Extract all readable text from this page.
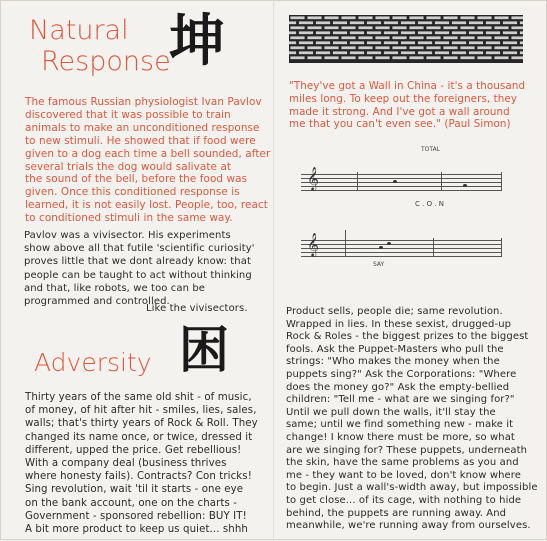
Natural
Response
坤
The famous Russian physiologist Ivan Pavlov
discovered that it was possible to train
animals to make an unconditioned response
to new stimuli. He showed that if food were
given to a dog each time a bell sounded, after
several trials the dog would salivate at
the sound of the bell, before the food was
given. Once this conditioned response is
learned, it is not easily lost. People, too, react
to conditioned stimuli in the same way.
Pavlov was a vivisector. His experiments
show above all that futile 'scientific curiosity'
proves little that we dont already know: that
people can be taught to act without thinking
and that, like robots, we too can be
programmed and controlled.
Like the vivisectors.
Adversity 困
Thirty years of the same old shit - of music,
of money, of hit after hit - smiles, lies, sales,
walls; that's thirty years of Rock & Roll. They
changed its name once, or twice, dressed it
different, upped the price. Get rebellious!
With a company deal (business thrives
where honesty fails). Contracts? Con tricks!
Sing revolution, wait 'til it starts - one eye
on the bank account, one on the charts -
Government - sponsored rebellion: BUY IT!
A bit more product to keep us quiet... shhh
"They've got a Wall in China - it's a thousand
miles long. To keep out the foreigners, they
made it strong. And I've got a wall around
me that you can't even see." (Paul Simon)
TOTAL
𝄞
C . O . N
𝄞
SAY
Product sells, people die; same revolution.
Wrapped in lies. In these sexist, drugged-up
Rock & Roles - the biggest prizes to the biggest
fools. Ask the Puppet-Masters who pull the
strings: "Who makes the money when the
puppets sing?" Ask the Corporations: "Where
does the money go?" Ask the empty-bellied
children: "Tell me - what are we singing for?"
Until we pull down the walls, it'll stay the
same; until we find something new - make it
change! I know there must be more, so what
are we singing for? These puppets, underneath
the skin, have the same problems as you and
me - they want to be loved, don't know where
to begin. Just a wall's-width away, but impossible
to get close... of its cage, with nothing to hide
behind, the puppets are running away. And
meanwhile, we're running away from ourselves.
